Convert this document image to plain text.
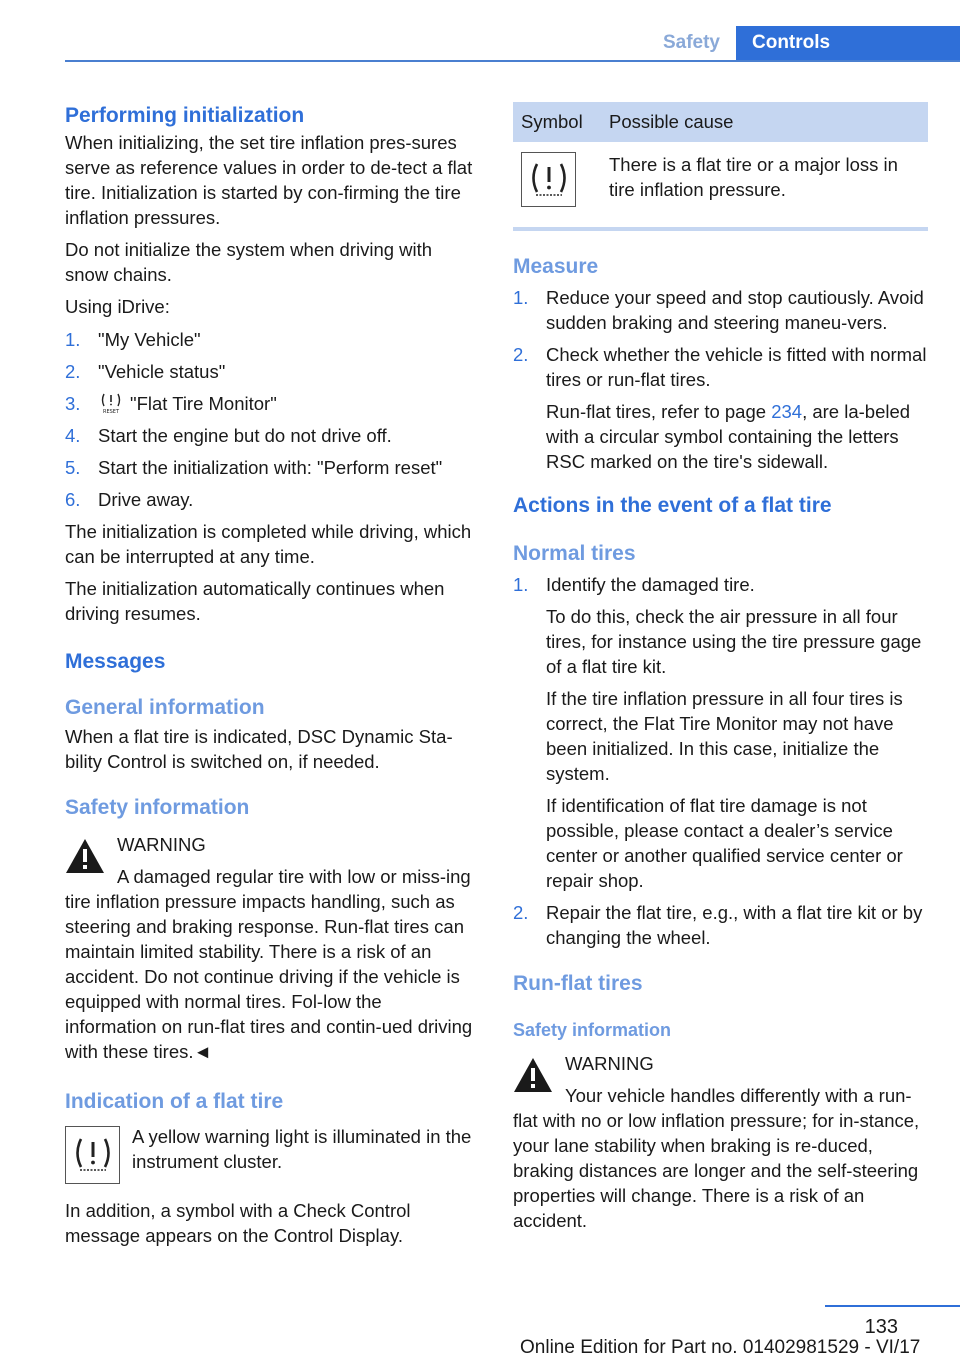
Safety	Controls
Performing initialization

When initializing, the set tire inflation pres-sures serve as reference values in order to de-tect a flat tire. Initialization is started by con-firming the tire inflation pressures.

Do not initialize the system when driving with snow chains.

Using iDrive:

1. "My Vehicle"
2. "Vehicle status"
3.	RESET "Flat Tire Monitor"
4. Start the engine but do not drive off.
5. Start the initialization with: "Perform reset"
6. Drive away.

The initialization is completed while driving, which can be interrupted at any time.

The initialization automatically continues when driving resumes.

Messages
General information

When a flat tire is indicated, DSC Dynamic Sta-bility Control is switched on, if needed.

Safety information
WARNING
A damaged regular tire with low or miss-ing tire inflation pressure impacts handling, such as steering and braking response. Run-flat tires can maintain limited stability. There is a risk of an accident. Do not continue driving if the vehicle is equipped with normal tires. Fol-low the information on run-flat tires and contin-ued driving with these tires.◄
Indication of a flat tire

A yellow warning light is illuminated in the instrument cluster.

In addition, a symbol with a Check Control message appears on the Control Display.

Symbol	Possible cause

	There is a flat tire or a major loss in tire inflation pressure.
Measure
1. Reduce your speed and stop cautiously. Avoid sudden braking and steering maneu-vers.
2. Check whether the vehicle is fitted with normal tires or run-flat tires.

Run-flat tires, refer to page 234, are la-beled with a circular symbol containing the letters RSC marked on the tire's sidewall.

Actions in the event of a flat tire
Normal tires
1. Identify the damaged tire.

To do this, check the air pressure in all four tires, for instance using the tire pressure gage of a flat tire kit.

If the tire inflation pressure in all four tires is correct, the Flat Tire Monitor may not have been initialized. In this case, initialize the system.

If identification of flat tire damage is not possible, please contact a dealer’s service center or another qualified service center or repair shop.

2. Repair the flat tire, e.g., with a flat tire kit or by changing the wheel.
Run-flat tires
Safety information
WARNING
Your vehicle handles differently with a run-flat with no or low inflation pressure; for in-stance, your lane stability when braking is re-duced, braking distances are longer and the self-steering properties will change. There is a risk of an accident.
133
Online Edition for Part no. 01402981529 - VI/17
